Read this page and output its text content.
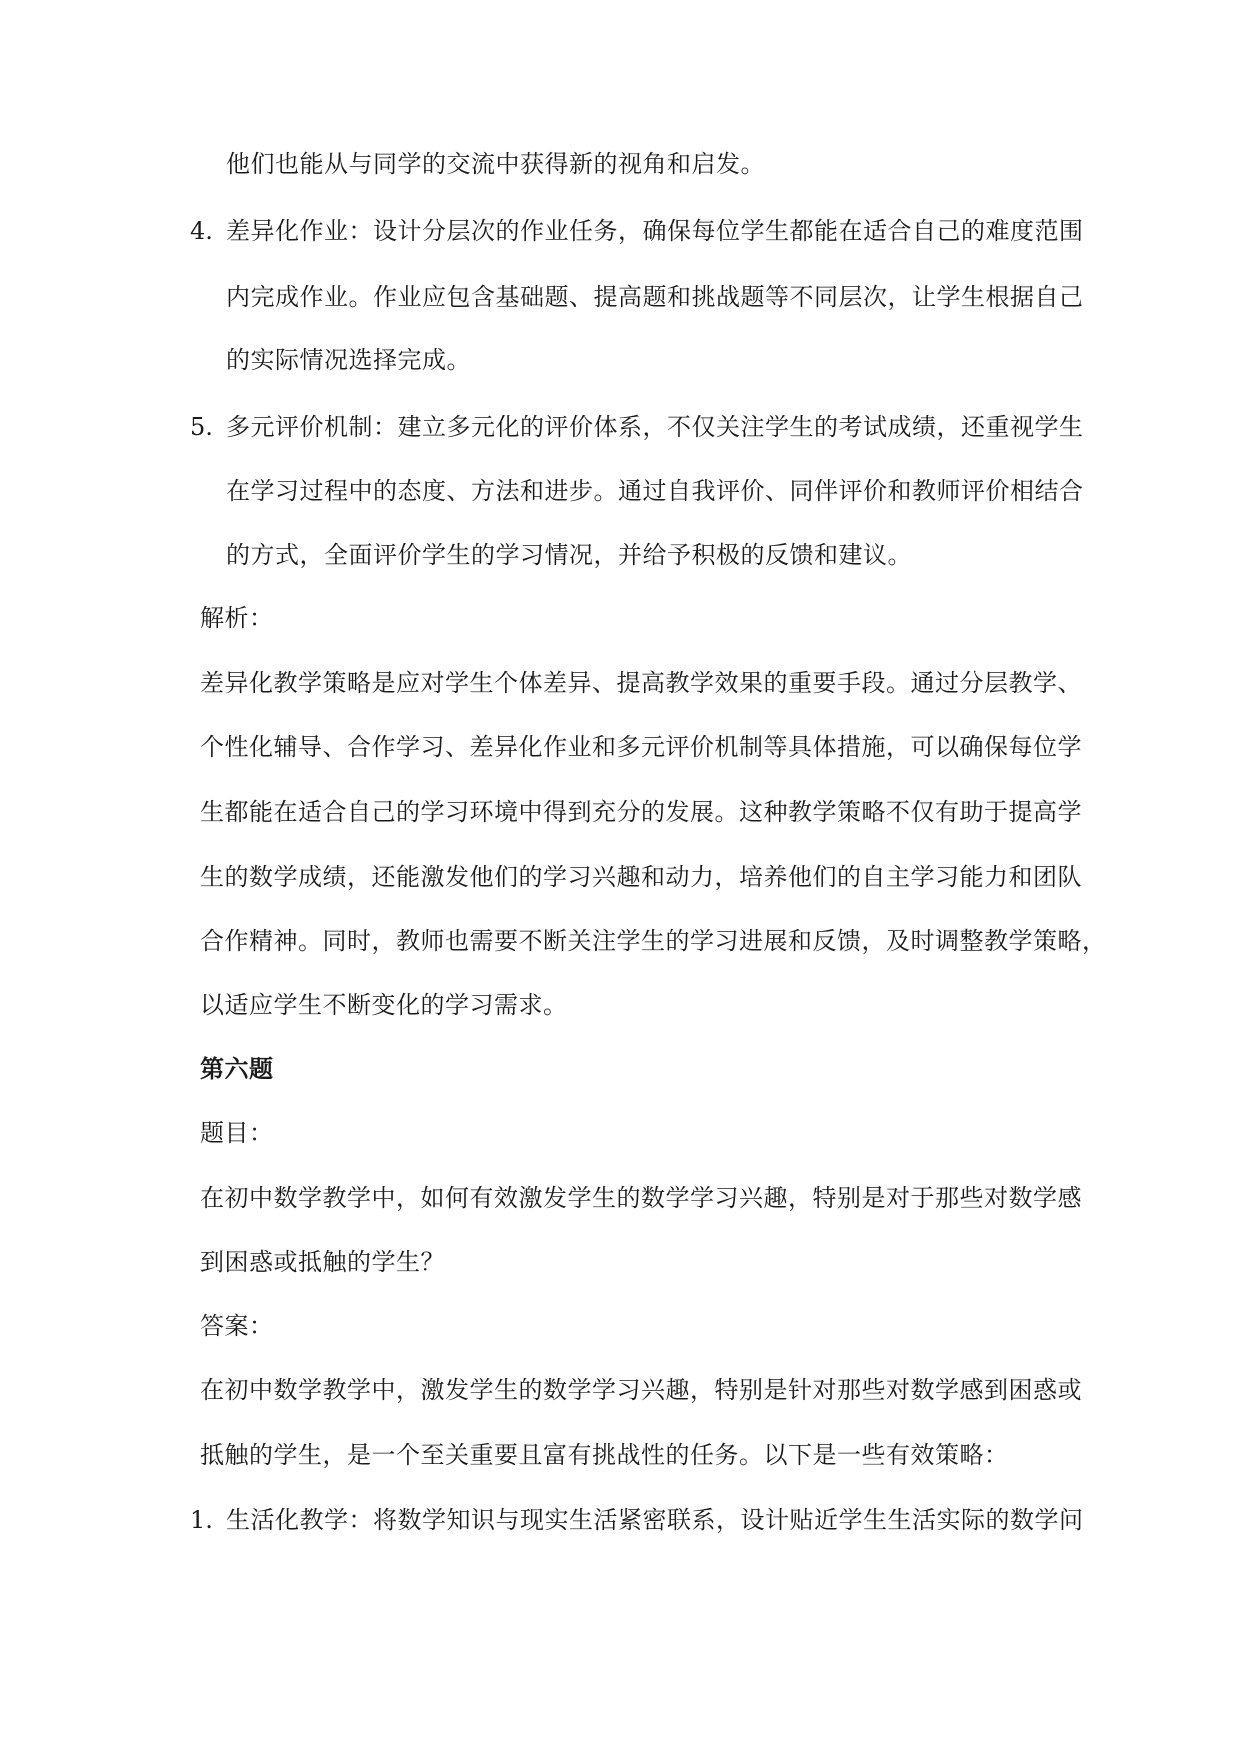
他们也能从与同学的交流中获得新的视角和启发。
4. 差异化作业：设计分层次的作业任务，确保每位学生都能在适合自己的难度范围
内完成作业。作业应包含基础题、提高题和挑战题等不同层次，让学生根据自己
的实际情况选择完成。
5. 多元评价机制：建立多元化的评价体系，不仅关注学生的考试成绩，还重视学生
在学习过程中的态度、方法和进步。通过自我评价、同伴评价和教师评价相结合
的方式，全面评价学生的学习情况，并给予积极的反馈和建议。
解析：
差异化教学策略是应对学生个体差异、提高教学效果的重要手段。通过分层教学、
个性化辅导、合作学习、差异化作业和多元评价机制等具体措施，可以确保每位学
生都能在适合自己的学习环境中得到充分的发展。这种教学策略不仅有助于提高学
生的数学成绩，还能激发他们的学习兴趣和动力，培养他们的自主学习能力和团队
合作精神。同时，教师也需要不断关注学生的学习进展和反馈，及时调整教学策略，
以适应学生不断变化的学习需求。
第六题
题目：
在初中数学教学中，如何有效激发学生的数学学习兴趣，特别是对于那些对数学感
到困惑或抵触的学生？
答案：
在初中数学教学中，激发学生的数学学习兴趣，特别是针对那些对数学感到困惑或
抵触的学生，是一个至关重要且富有挑战性的任务。以下是一些有效策略：
1. 生活化教学：将数学知识与现实生活紧密联系，设计贴近学生生活实际的数学问
